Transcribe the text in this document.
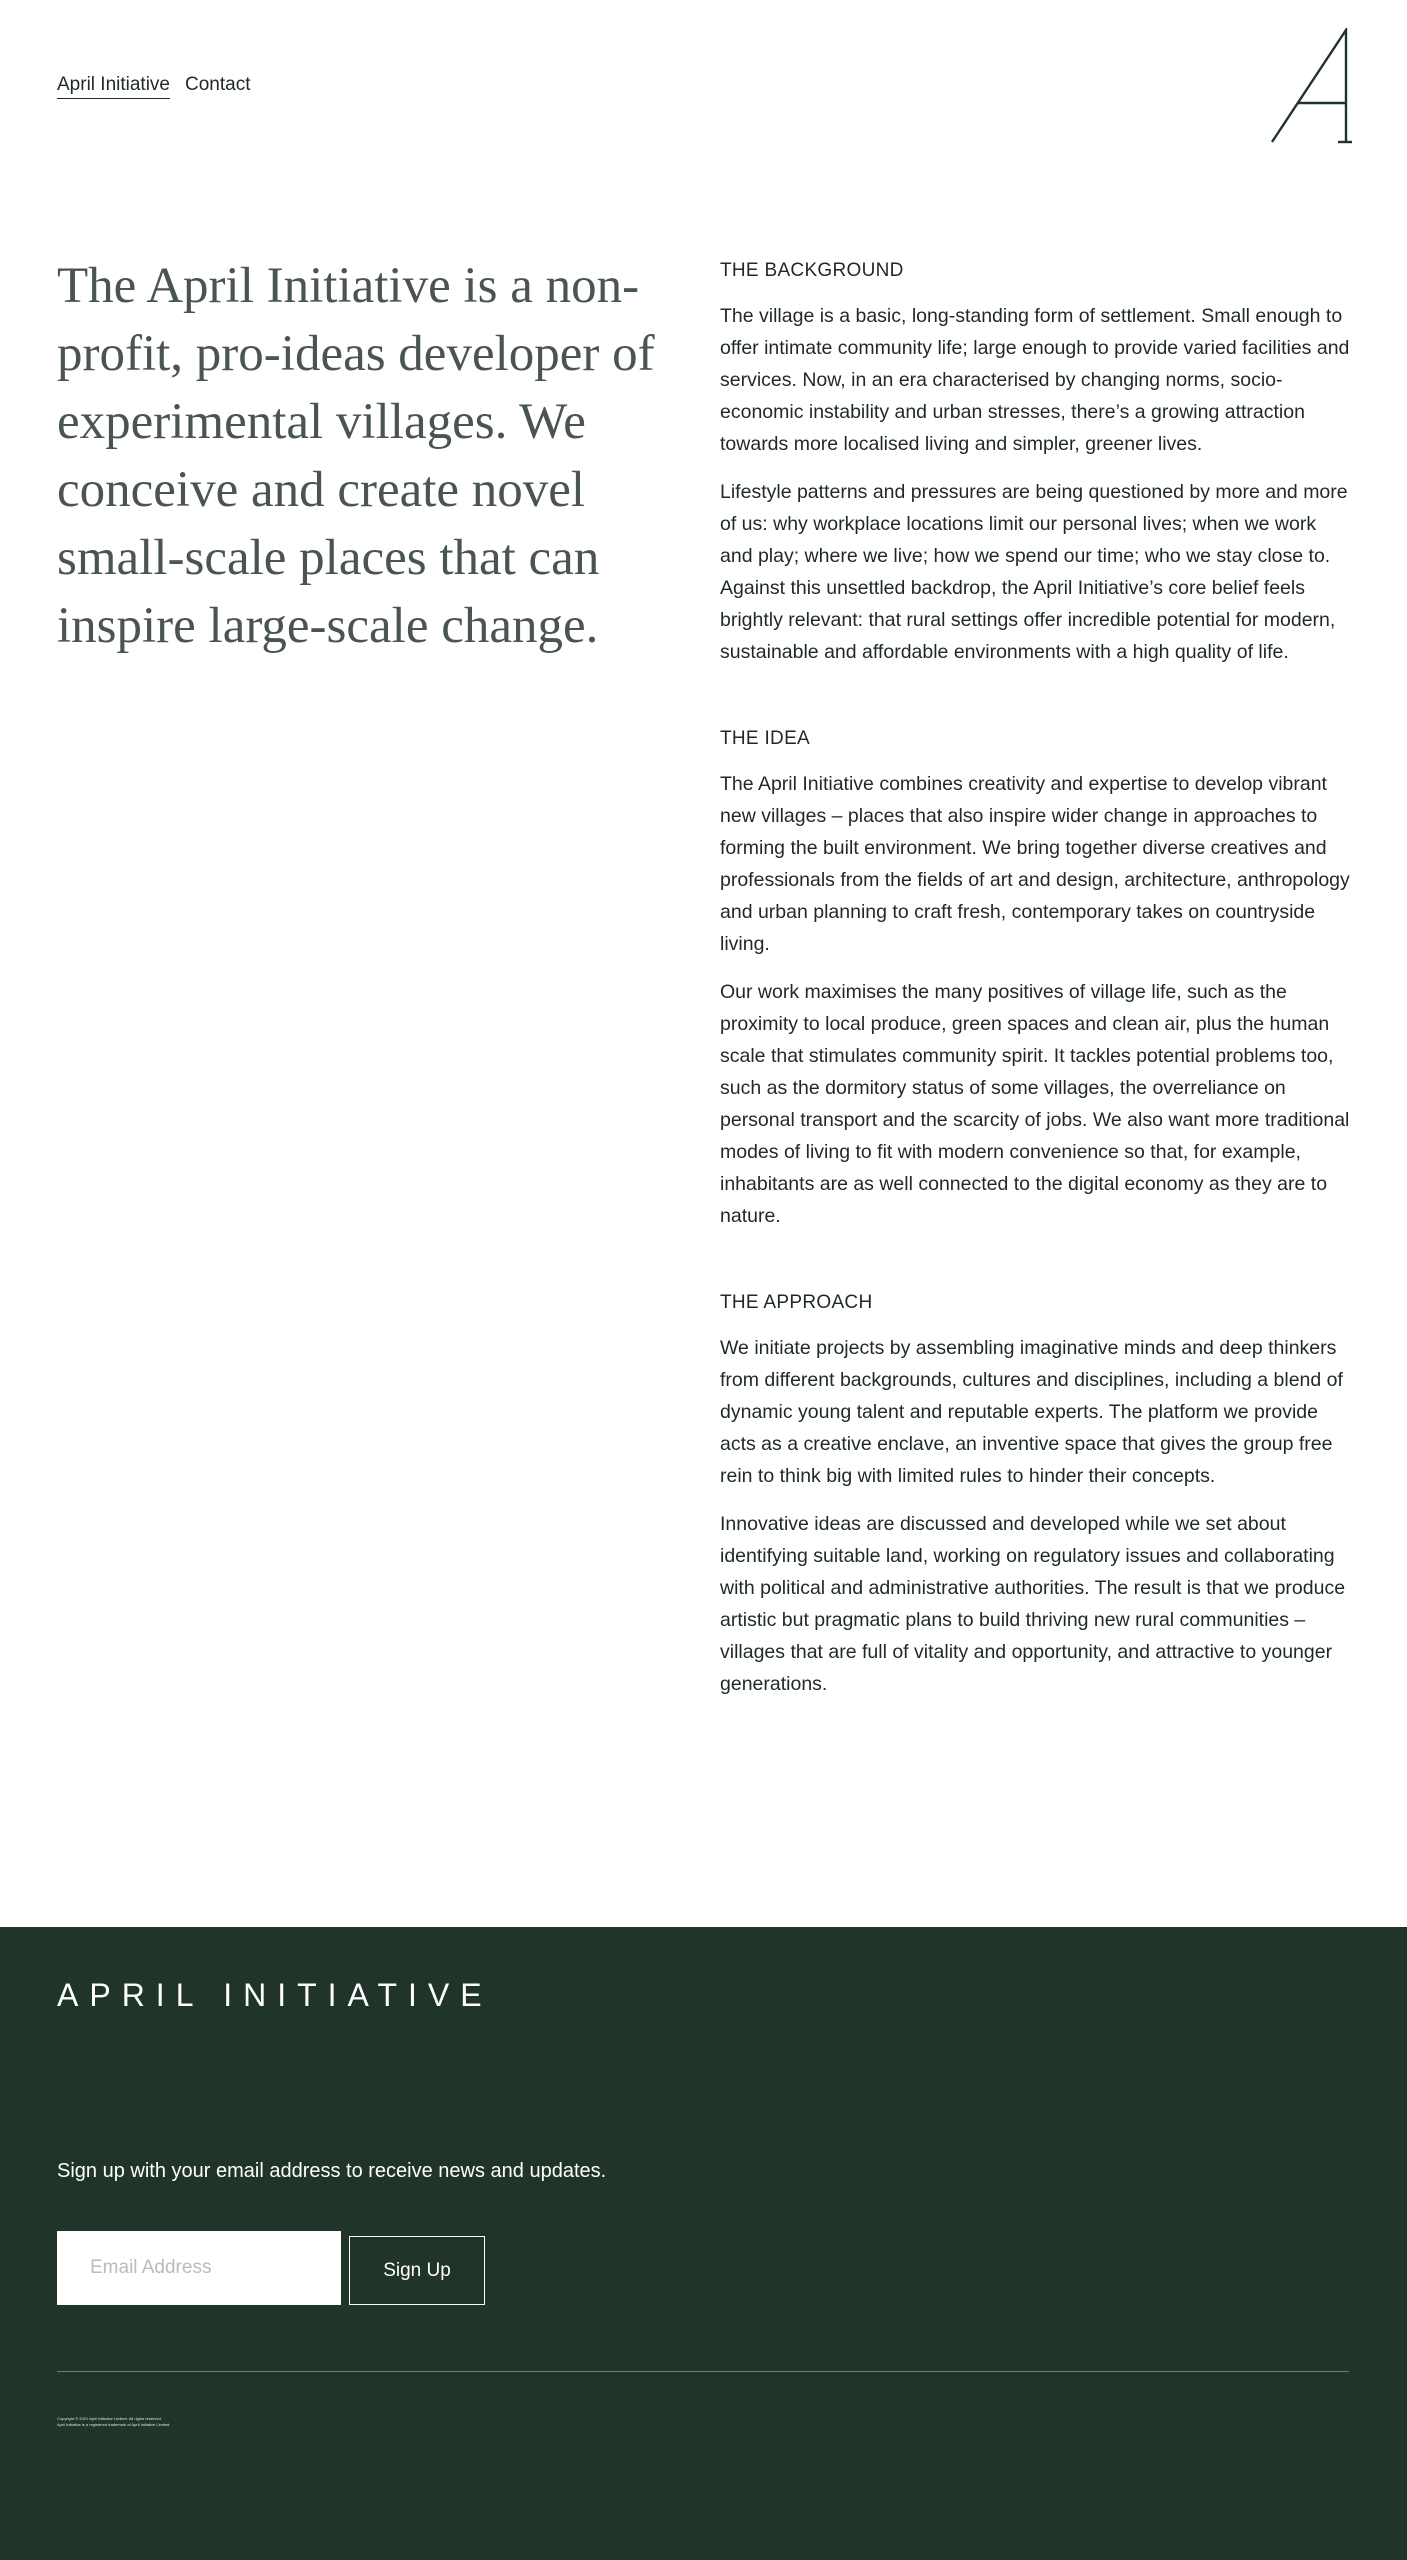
April Initiative Contact
The April Initiative is a non-profit, pro-ideas developer of experimental villages. We conceive and create novel small-scale places that can inspire large-scale change.
THE BACKGROUND

The village is a basic, long-standing form of settlement. Small enough to offer intimate community life; large enough to provide varied facilities and services. Now, in an era characterised by changing norms, socio-economic instability and urban stresses, there’s a growing attraction towards more localised living and simpler, greener lives.

Lifestyle patterns and pressures are being questioned by more and more of us: why workplace locations limit our personal lives; when we work and play; where we live; how we spend our time; who we stay close to. Against this unsettled backdrop, the April Initiative’s core belief feels brightly relevant: that rural settings offer incredible potential for modern, sustainable and affordable environments with a high quality of life.

THE IDEA

The April Initiative combines creativity and expertise to develop vibrant new villages – places that also inspire wider change in approaches to forming the built environment. We bring together diverse creatives and professionals from the fields of art and design, architecture, anthropology and urban planning to craft fresh, contemporary takes on countryside living.

Our work maximises the many positives of village life, such as the proximity to local produce, green spaces and clean air, plus the human scale that stimulates community spirit. It tackles potential problems too, such as the dormitory status of some villages, the overreliance on personal transport and the scarcity of jobs. We also want more traditional modes of living to fit with modern convenience so that, for example, inhabitants are as well connected to the digital economy as they are to nature.

THE APPROACH

We initiate projects by assembling imaginative minds and deep thinkers from different backgrounds, cultures and disciplines, including a blend of dynamic young talent and reputable experts. The platform we provide acts as a creative enclave, an inventive space that gives the group free rein to think big with limited rules to hinder their concepts.

Innovative ideas are discussed and developed while we set about identifying suitable land, working on regulatory issues and collaborating with political and administrative authorities. The result is that we produce artistic but pragmatic plans to build thriving new rural communities – villages that are full of vitality and opportunity, and attractive to younger generations.

APRIL INITIATIVE

Sign up with your email address to receive news and updates.

Email Address
Sign Up

Copyright © 2021 April Initiative Limited. All rights reserved.
April Initiative is a registered trademark of April Initiative Limited.
